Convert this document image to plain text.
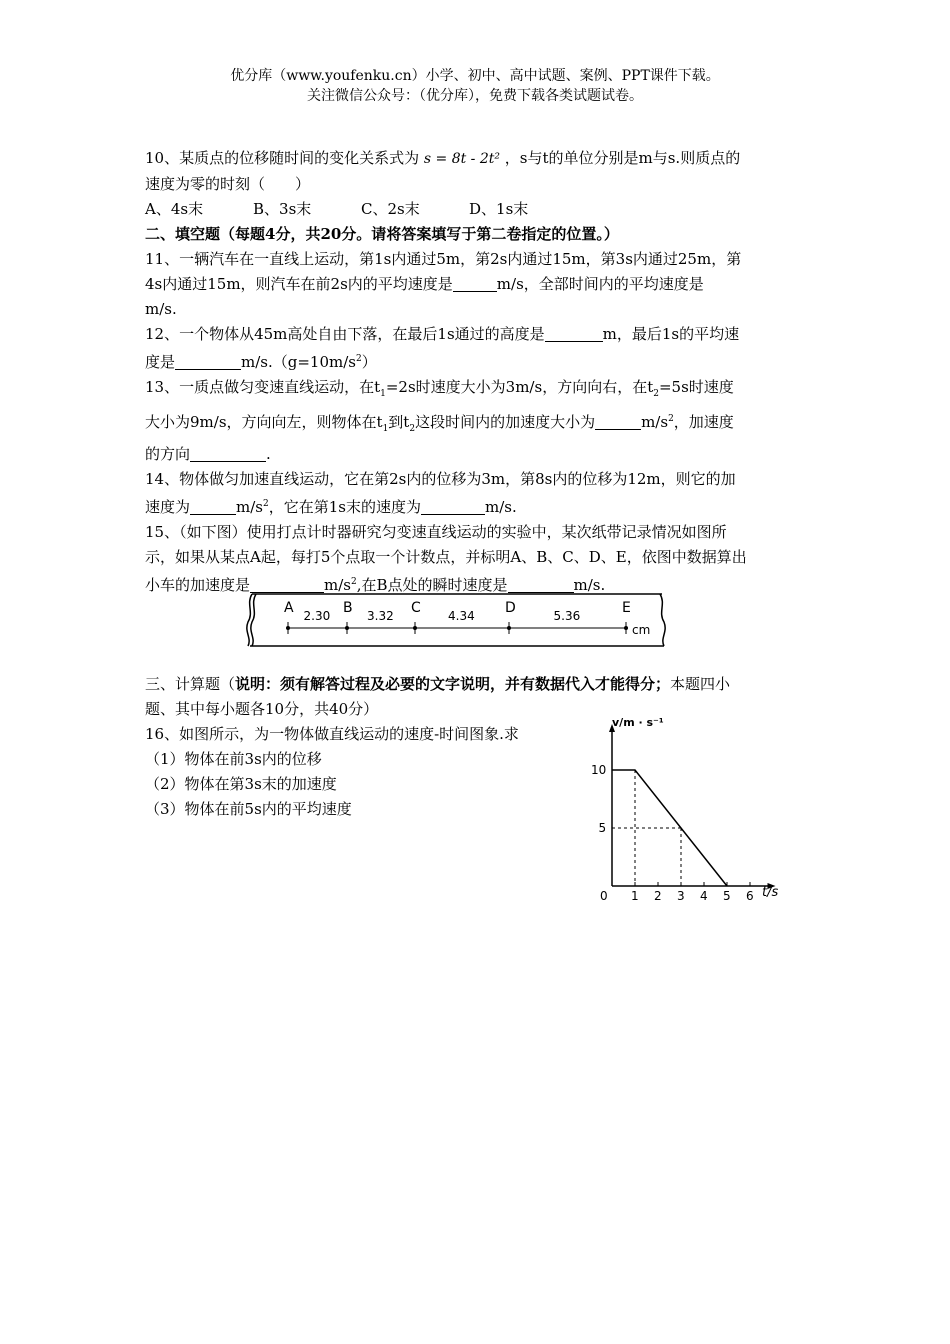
优分库（www.youfenku.cn）小学、初中、高中试题、案例、PPT课件下载。
关注微信公众号：（优分库），免费下载各类试题试卷。

10、某质点的位移随时间的变化关系式为 s = 8t - 2t² ，s与t的单位分别是m与s.则质点的

速度为零的时刻（　　）

A、4s末	B、3s末	C、2s末	D、1s末

二、填空题（每题4分，共20分。请将答案填写于第二卷指定的位置。）

11、一辆汽车在一直线上运动，第1s内通过5m，第2s内通过15m，第3s内通过25m，第

4s内通过15m，则汽车在前2s内的平均速度是	m/s，全部时间内的平均速度是

m/s.

12、一个物体从45m高处自由下落，在最后1s通过的高度是	m，最后1s的平均速

度是	$m/s.(g=10m/s^2)$

13、一质点做匀变速直线运动，在$t_1=2s$时速度大小为3m/s，方向向右，在$t_2=5s$时速度

大小为9m/s，方向向左，则物体在$t_1$到$t_2$这段时间内的加速度大小为	$m/s^2$，加速度

的方向	.

14、物体做匀加速直线运动，它在第2s内的位移为3m，第8s内的位移为12m，则它的加

速度为	$m/s^2$，它在第1s末的速度为	m/s.

15、（如下图）使用打点计时器研究匀变速直线运动的实验中，某次纸带记录情况如图所

示，如果从某点A起，每打5个点取一个计数点，并标明A、B、C、D、E，依图中数据算出

小车的加速度是	$m/s^2$,在B点处的瞬时速度是	m/s.

A	B	C	D	E
2.30	3.32	4.34	5.36
cm

三、计算题（说明：须有解答过程及必要的文字说明，并有数据代入才能得分；本题四小

题、其中每小题各10分，共40分）

16、如图所示，为一物体做直线运动的速度-时间图象.求

（1）物体在前3s内的位移

（2）物体在第3s末的加速度

（3）物体在前5s内的平均速度

0 1 2 3 4 5 6
5
10
v/m · s⁻¹
t/s
